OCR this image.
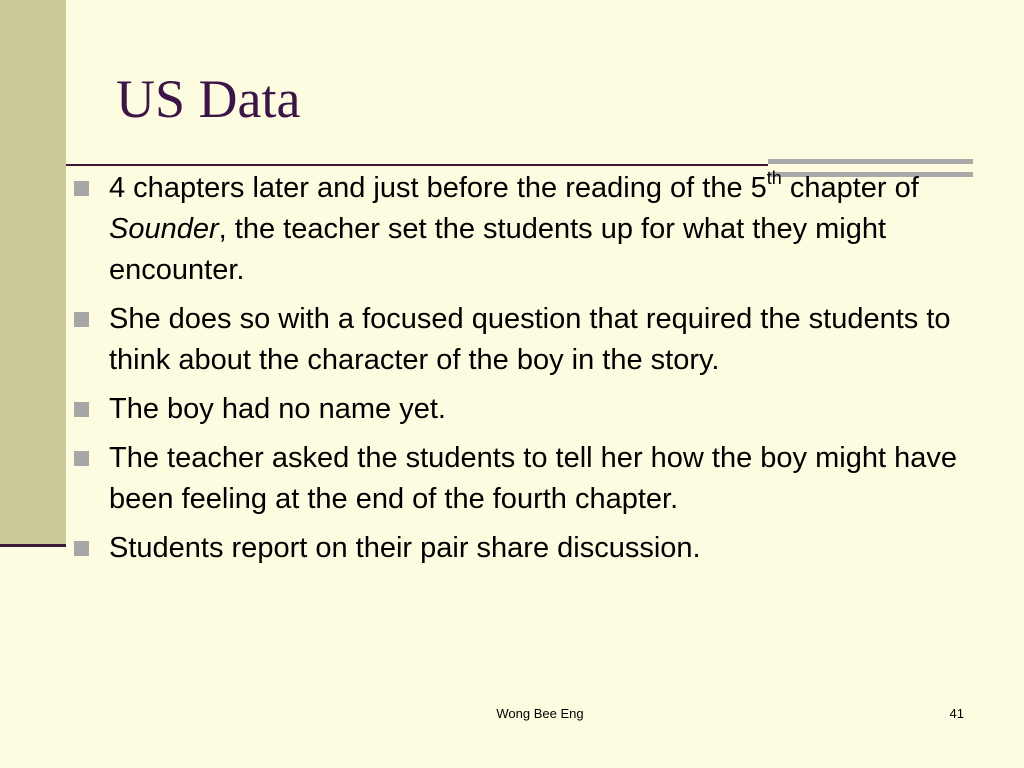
US Data
4 chapters later and just before the reading of the 5th chapter of Sounder, the teacher set the students up for what they might encounter.
She does so with a focused question that required the students to think about the character of the boy in the story.
The boy had no name yet.
The teacher asked the students to tell her how the boy might have been feeling at the end of the fourth chapter.
Students report on their pair share discussion.
Wong Bee Eng	41
